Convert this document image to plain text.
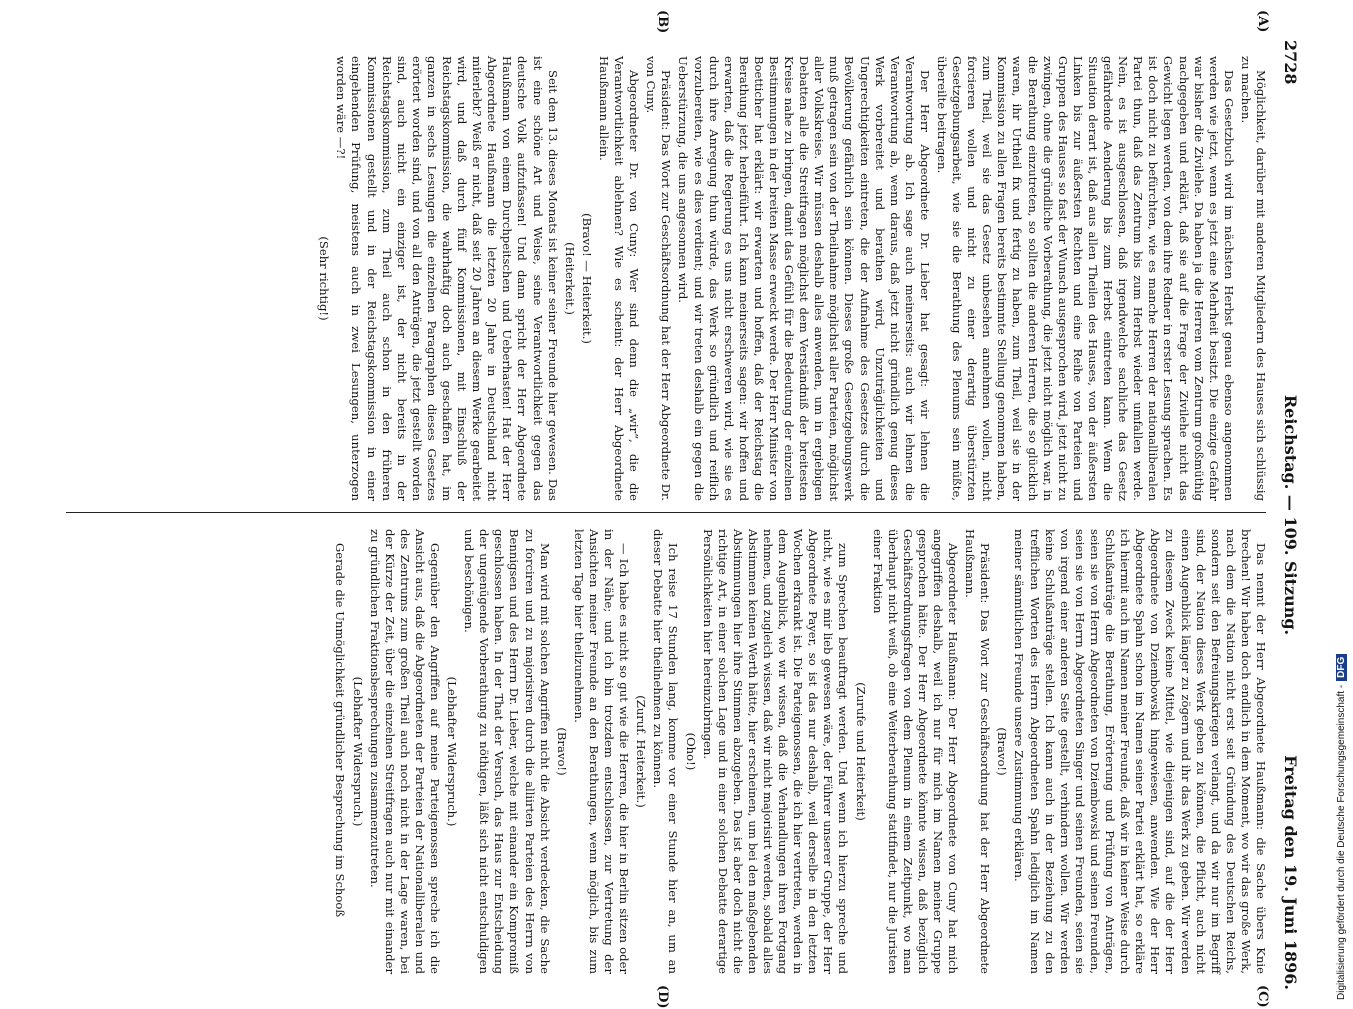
2728
Reichstag. — 109. Sitzung.
Freitag den 19. Juni 1896.
(A)
(B)
(C)
(D)

Möglichkeit, darüber mit anderen Mitgliedern des Hauses sich schlüssig zu machen.

Das Gesetzbuch wird im nächsten Herbst genau ebenso angenommen werden wie jetzt, wenn es jetzt eine Mehrheit besitzt. Die einzige Gefahr war bisher die Zivilehe. Da haben ja die Herren vom Zentrum großmüthig nachgegeben und erklärt, daß sie auf die Frage der Zivilehe nicht das Gewicht legen werden, von dem ihre Redner in erster Lesung sprachen. Es ist doch nicht zu befürchten, wie es manche Herren der nationalliberalen Partei thun, daß das Zentrum bis zum Herbst wieder umfallen werde. Nein, es ist ausgeschlossen, daß irgendwelche sachliche das Gesetz gefährdende Aenderung bis zum Herbst eintreten kann. Wenn die Situation derart ist, daß aus allen Theilen des Hauses, von der äußersten Linken bis zur äußersten Rechten und eine Reihe von Parteien und Gruppen des Hauses so fast der Wunsch ausgesprochen wird, jetzt nicht zu zwingen, ohne die gründliche Vorberathung, die jetzt nicht möglich war, in die Berathung einzutreten, so sollten die anderen Herren, die so glücklich waren, ihr Urtheil fix und fertig zu haben, zum Theil, weil sie in der Kommission zu allen Fragen bereits bestimmte Stellung genommen haben, zum Theil, weil sie das Gesetz unbesehen annehmen wollen, nicht forcieren wollen und nicht zu einer derartig überstürzten Gesetzgebungsarbeit, wie sie die Berathung des Plenums sein müßte, übereilte beitragen.

Der Herr Abgeordnete Dr. Lieber hat gesagt: wir lehnen die Verantwortung ab. Ich sage auch meinerseits: auch wir lehnen die Verantwortung ab, wenn daraus, daß jetzt nicht gründlich genug dieses Werk vorbereitet und berathen wird, Unzuträglichkeiten und Ungerechtigkeiten eintreten, die der Aufnahme des Gesetzes durch die Bevölkerung gefährlich sein können. Dieses große Gesetzgebungswerk muß getragen sein von der Theilnahme möglichst aller Parteien, möglichst aller Volkskreise. Wir müssen deshalb alles anwenden, um in ergiebigen Debatten alle die Streitfragen möglichst dem Verständniß der breitesten Kreise nahe zu bringen, damit das Gefühl für die Bedeutung der einzelnen Bestimmungen in der breiten Masse erweckt werde. Der Herr Minister von Boetticher hat erklärt: wir erwarten und hoffen, daß der Reichstag die Berathung jetzt herbeiführt. Ich kann meinerseits sagen: wir hoffen und erwarten, daß die Regierung es uns nicht erschweren wird, wie sie es durch ihre Anregung thun würde, das Werk so gründlich und reiflich vorzubereiten, wie es dies verdient; und wir treten deshalb ein gegen die Ueberstürzung, die uns angesonnen wird.

Präsident: Das Wort zur Geschäftsordnung hat der Herr Abgeordnete Dr. von Cuny.

Abgeordneter Dr. von Cuny: Wer sind denn die „wir“, die die Verantwortlichkeit ablehnen? Wie es scheint: der Herr Abgeordnete Haußmann allein.

(Bravo! — Heiterkeit.)

(Heiterkeit.)

Seit dem 13. dieses Monats ist keiner seiner Freunde hier gewesen. Das ist eine schöne Art und Weise, seine Verantwortlichkeit gegen das deutsche Volk aufzufassen! Und dann spricht der Herr Abgeordnete Haußmann von einem Durchpeitschen und Ueberhasten! Hat der Herr Abgeordnete Haußmann die letzten 20 Jahre in Deutschland nicht miterlebt? Weiß er nicht, daß seit 20 Jahren an diesem Werke gearbeitet wird, und daß durch fünf Kommissionen, mit Einschluß der Reichstagskommission, die wahrhaftig doch auch geschaffen hat, im ganzen in sechs Lesungen die einzelnen Paragraphen dieses Gesetzes erörtert worden sind, und von all den Anträgen, die jetzt gestellt worden sind, auch nicht ein einziger ist, der nicht bereits in der Reichstagskommission, zum Theil auch schon in den früheren Kommissionen gestellt und in der Reichstagskommission in einer eingehenden Prüfung, meistens auch in zwei Lesungen, unterzogen worden wäre —?!

(Sehr richtig!)

Das nennt der Herr Abgeordnete Haußmann: die Sache übers Knie brechen! Wir haben doch endlich in dem Moment, wo wir das große Werk, nach dem die Nation nicht erst seit Gründung des Deutschen Reichs, sondern seit den Befreiungskriegen verlangt, und da wir nur im Begriff sind, der Nation dieses Werk geben zu können, die Pflicht, auch nicht einen Augenblick länger zu zögern und ihr das Werk zu geben. Wir werden zu diesem Zweck keine Mittel, wie diejenigen sind, auf die der Herr Abgeordnete von Dziembowski hingewiesen, anwenden. Wie der Herr Abgeordnete Spahn schon im Namen seiner Partei erklärt hat, so erkläre ich hiermit auch im Namen meiner Freunde, daß wir in keiner Weise durch Schlußanträge die Berathung, Erörterung und Prüfung von Anträgen, seien sie von Herrn Abgeordneten von Dziembowski und seinen Freunden, seien sie von Herrn Abgeordneten Singer und seinen Freunden, seien sie von irgend einer anderen Seite gestellt, verhindern wollen. Wir werden keine Schlußanträge stellen. Ich kann auch in der Beziehung zu den trefflichen Worten des Herrn Abgeordneten Spahn lediglich im Namen meiner sämmtlichen Freunde unsere Zustimmung erklären.

(Bravo!)

Präsident: Das Wort zur Geschäftsordnung hat der Herr Abgeordnete Haußmann.

Abgeordneter Haußmann: Der Herr Abgeordnete von Cuny hat mich angegriffen deshalb, weil ich nur für mich im Namen meiner Gruppe gesprochen hätte. Der Herr Abgeordnete könnte wissen, daß bezüglich Geschäftsordnungsfragen von dem Plenum in einem Zeitpunkt, wo man überhaupt nicht weiß, ob eine Weiterberathung stattfindet, nur die Juristen einer Fraktion

(Zurufe und Heiterkeit)

zum Sprechen beauftragt werden. Und wenn ich hierzu spreche und nicht, wie es mir lieb gewesen wäre, der Führer unserer Gruppe, der Herr Abgeordnete Payer, so ist das nur deshalb, weil derselbe in den letzten Wochen erkrankt ist. Die Parteigenossen, die ich hier vertreten, werden in dem Augenblick, wo wir wissen, daß die Verhandlungen ihren Fortgang nehmen, und zugleich wissen, daß wir nicht majorisirt werden, sobald alles Abstimmen keinen Werth hätte, hier erscheinen, um bei den maßgebenden Abstimmungen hier ihre Stimmen abzugeben. Das ist aber doch nicht die richtige Art, in einer solchen Lage und in einer solchen Debatte derartige Persönlichkeiten hier hereinzubringen.

(Oho!)

Ich reise 17 Stunden lang, komme vor einer Stunde hier an, um an dieser Debatte hier theilnehmen zu können.

(Zuruf. Heiterkeit.)

— Ich habe es nicht so gut wie die Herren, die hier in Berlin sitzen oder in der Nähe; und ich bin trotzdem entschlossen, zur Vertretung der Ansichten meiner Freunde an den Berathungen, wenn möglich, bis zum letzten Tage hier theilzunehmen.

(Bravo!)

Man wird mit solchen Angriffen nicht die Absicht verdecken, die Sache zu forciren und zu majorisiren durch die alliirten Parteien des Herrn von Bennigsen und des Herrn Dr. Lieber, welche mit einander ein Kompromiß geschlossen haben. In der That der Versuch, das Haus zur Entscheidung der ungenügende Vorberathung zu nöthigen, läßt sich nicht entschuldigen und beschönigen.

(Lebhafter Widerspruch.)

Gegenüber den Angriffen auf meine Parteigenossen spreche ich die Ansicht aus, daß die Abgeordneten der Parteien der Nationalliberalen und des Zentrums zum großen Theil auch noch nicht in der Lage waren, bei der Kürze der Zeit, über die einzelnen Streitfragen auch nur mit einander zu gründlichen Fraktionsbesprechungen zusammenzutreten.

(Lebhafter Widerspruch.)

Gerade die Unmöglichkeit gründlicher Besprechung im Schooß	Digitalisierung gefördert durch die Deutsche Forschungsgemeinschaft -DFG
